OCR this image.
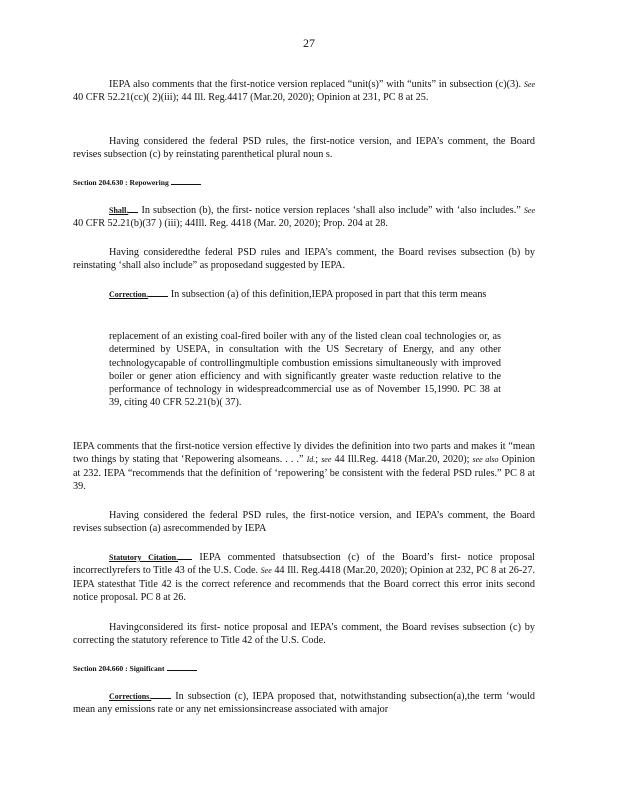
27

IEPA also comments that the first-notice version replaced “unit(s)” with “units” in subsection (c)(3). See 40 CFR 52.21(cc)( 2)(iii); 44 Ill. Reg.4417 (Mar.20, 2020); Opinion at 231, PC 8 at 25.

Having considered the federal PSD rules, the first-notice version, and IEPA’s comment, the Board revises subsection (c) by reinstating parenthetical plural noun s.

Section 204.630 : Repowering

Shall. In subsection (b), the first- notice version replaces ‘shall also include” with ‘also includes.” See 40 CFR 52.21(b)(37 ) (iii); 44Ill. Reg. 4418 (Mar. 20, 2020); Prop. 204 at 28.

Having consideredthe federal PSD rules and IEPA’s comment, the Board revises subsection (b) by reinstating ‘shall also include” as proposedand suggested by IEPA.

Correction. In subsection (a) of this definition,IEPA proposed in part that this term means

replacement of an existing coal-fired boiler with any of the listed clean coal technologies or, as determined by USEPA, in consultation with the US Secretary of Energy, and any other technologycapable of controllingmultiple combustion emissions simultaneously with improved boiler or gener ation efficiency and with significantly greater waste reduction relative to the performance of technology in widespreadcommercial use as of November 15,1990. PC 38 at 39, citing 40 CFR 52.21(b)( 37).

IEPA comments that the first-notice version effective ly divides the definition into two parts and makes it “mean two things by stating that ‘Repowering alsomeans. . . .” Id.; see 44 Ill.Reg. 4418 (Mar.20, 2020); see also Opinion at 232. IEPA “recommends that the definition of ‘repowering’ be consistent with the federal PSD rules.” PC 8 at 39.

Having considered the federal PSD rules, the first-notice version, and IEPA’s comment, the Board revises subsection (a) asrecommended by IEPA

Statutory Citation. IEPA commented thatsubsection (c) of the Board’s first- notice proposal incorrectlyrefers to Title 43 of the U.S. Code. See 44 Ill. Reg.4418 (Mar.20, 2020); Opinion at 232, PC 8 at 26-27. IEPA statesthat Title 42 is the correct reference and recommends that the Board correct this error inits second notice proposal. PC 8 at 26.

Havingconsidered its first- notice proposal and IEPA’s comment, the Board revises subsection (c) by correcting the statutory reference to Title 42 of the U.S. Code.

Section 204.660 : Significant

Corrections. In subsection (c), IEPA proposed that, notwithstanding subsection(a),the term ‘would mean any emissions rate or any net emissionsincrease associated with amajor
